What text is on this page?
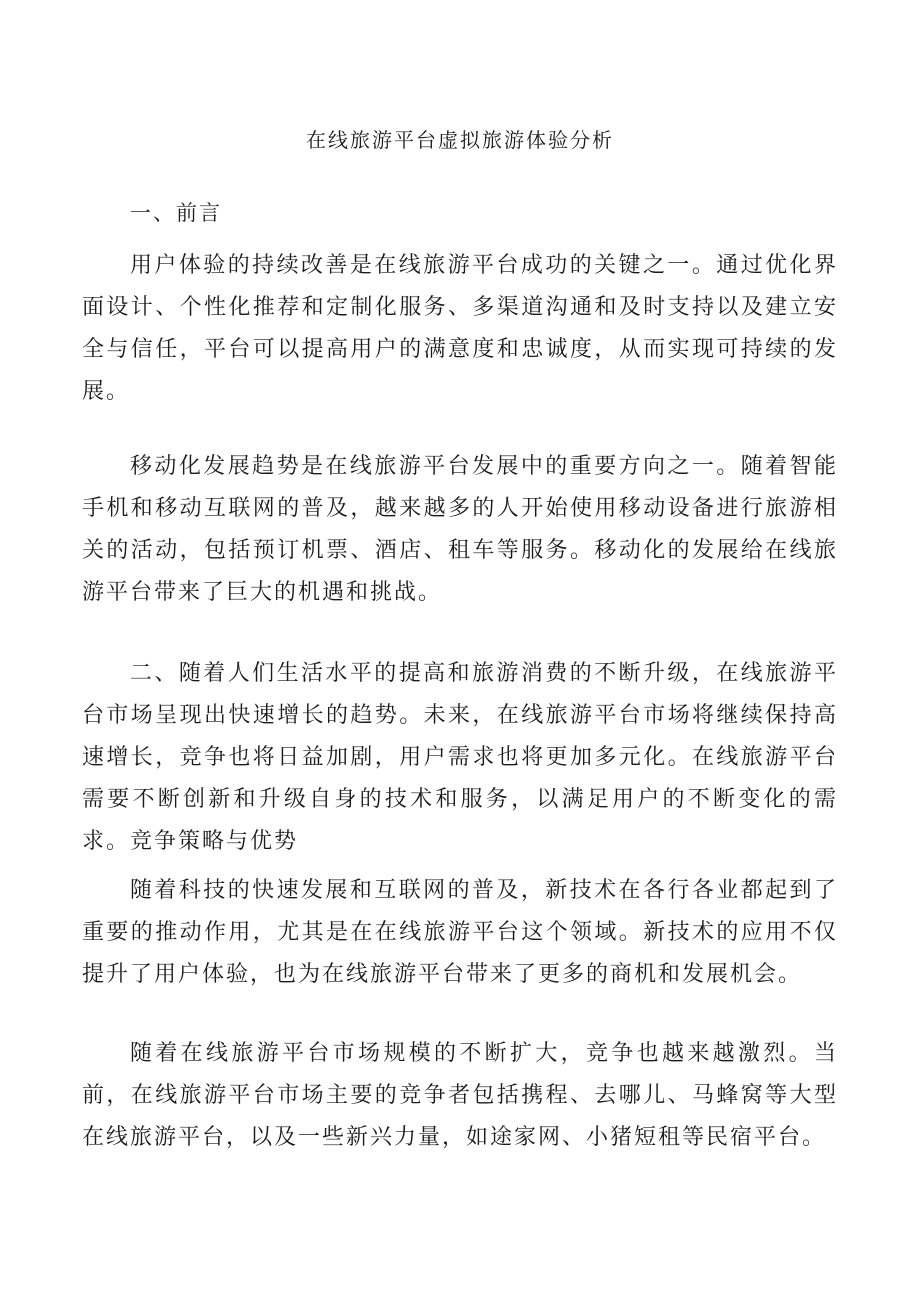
在线旅游平台虚拟旅游体验分析
一、前言

用户体验的持续改善是在线旅游平台成功的关键之一。通过优化界面设计、个性化推荐和定制化服务、多渠道沟通和及时支持以及建立安全与信任，平台可以提高用户的满意度和忠诚度，从而实现可持续的发展。

移动化发展趋势是在线旅游平台发展中的重要方向之一。随着智能手机和移动互联网的普及，越来越多的人开始使用移动设备进行旅游相关的活动，包括预订机票、酒店、租车等服务。移动化的发展给在线旅游平台带来了巨大的机遇和挑战。

二、随着人们生活水平的提高和旅游消费的不断升级，在线旅游平台市场呈现出快速增长的趋势。未来，在线旅游平台市场将继续保持高速增长，竞争也将日益加剧，用户需求也将更加多元化。在线旅游平台需要不断创新和升级自身的技术和服务，以满足用户的不断变化的需求。竞争策略与优势

随着科技的快速发展和互联网的普及，新技术在各行各业都起到了重要的推动作用，尤其是在在线旅游平台这个领域。新技术的应用不仅提升了用户体验，也为在线旅游平台带来了更多的商机和发展机会。

随着在线旅游平台市场规模的不断扩大，竞争也越来越激烈。当前，在线旅游平台市场主要的竞争者包括携程、去哪儿、马蜂窝等大型在线旅游平台，以及一些新兴力量，如途家网、小猪短租等民宿平台。
